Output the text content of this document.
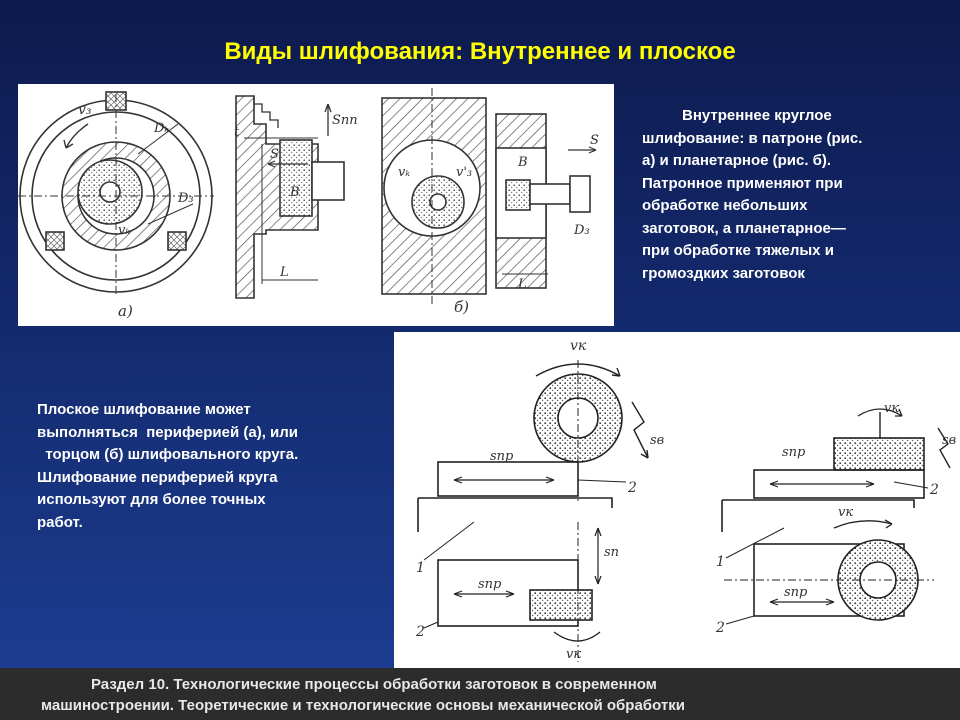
Виды шлифования: Внутреннее и плоское
v₃
Dₖ
D₃
vₖ
а)
t
Sпп
S
B
L
vₖ	v'₃
B
S
D₃
L
б)
Внутреннее круглое
шлифование: в патроне (рис.
а) и планетарное (рис. б).
Патронное применяют при
обработке небольших
заготовок, а планетарное—
при обработке тяжелых и
громоздких заготовок
Плоское шлифование может
выполняться  периферией (а), или
торцом (б) шлифовального круга.
Шлифование периферией круга
используют для более точных
работ.
vк
sв
sпр
2
1
sп
sпр
2
vк
vк
sв
sпр
2
vк
1
sпр
2
Раздел 10. Технологические процессы обработки заготовок в современном
машиностроении. Теоретические и технологические основы механической обработки
